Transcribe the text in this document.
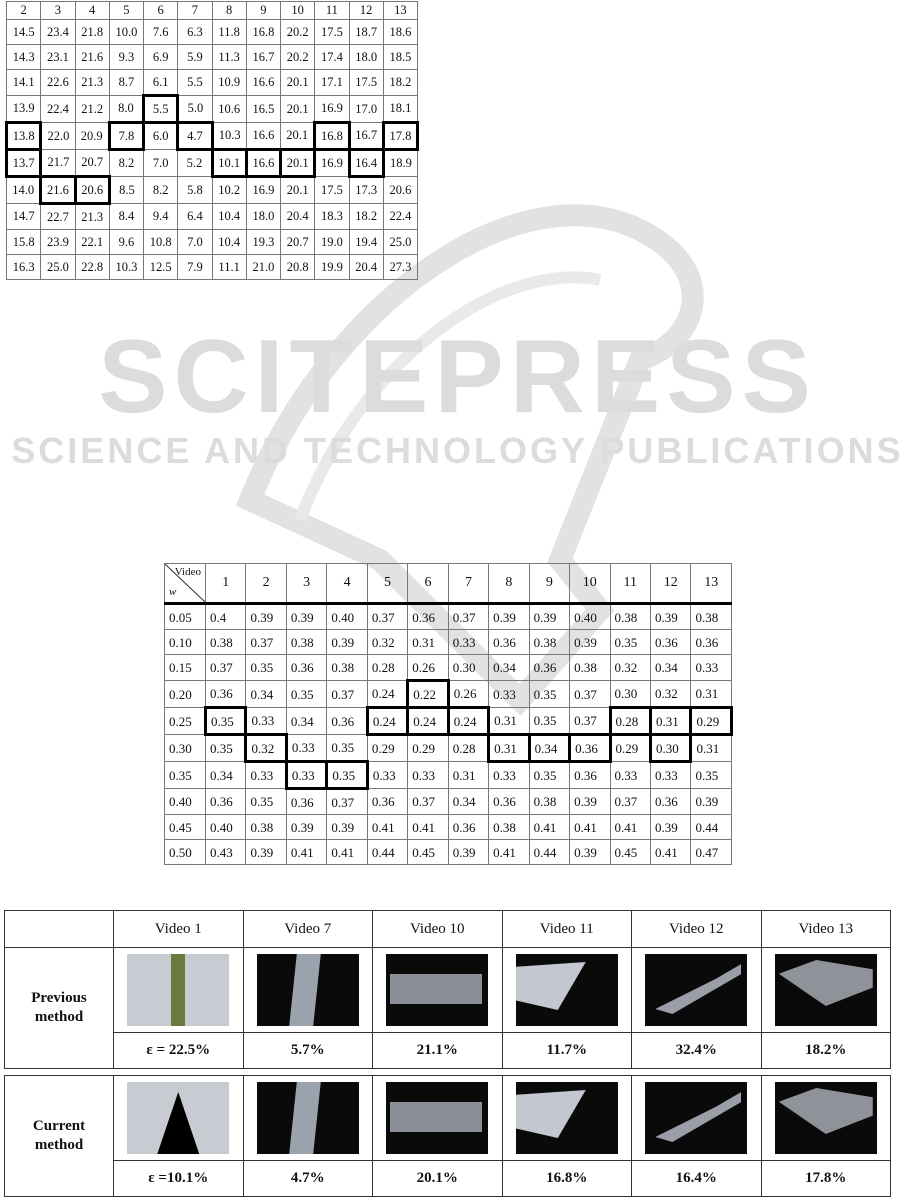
SCITEPRESS
SCIENCE AND TECHNOLOGY PUBLICATIONS
2	3	4	5	6	7	8	9	10	11	12	13
14.5	23.4	21.8	10.0	7.6	6.3	11.8	16.8	20.2	17.5	18.7	18.6
14.3	23.1	21.6	9.3	6.9	5.9	11.3	16.7	20.2	17.4	18.0	18.5
14.1	22.6	21.3	8.7	6.1	5.5	10.9	16.6	20.1	17.1	17.5	18.2
13.9	22.4	21.2	8.0	5.5	5.0	10.6	16.5	20.1	16.9	17.0	18.1
13.8	22.0	20.9	7.8	6.0	4.7	10.3	16.6	20.1	16.8	16.7	17.8
13.7	21.7	20.7	8.2	7.0	5.2	10.1	16.6	20.1	16.9	16.4	18.9
14.0	21.6	20.6	8.5	8.2	5.8	10.2	16.9	20.1	17.5	17.3	20.6
14.7	22.7	21.3	8.4	9.4	6.4	10.4	18.0	20.4	18.3	18.2	22.4
15.8	23.9	22.1	9.6	10.8	7.0	10.4	19.3	20.7	19.0	19.4	25.0
16.3	25.0	22.8	10.3	12.5	7.9	11.1	21.0	20.8	19.9	20.4	27.3
Video
w	1	2	3	4	5	6	7	8	9	10	11	12	13
0.05	0.4	0.39	0.39	0.40	0.37	0.36	0.37	0.39	0.39	0.40	0.38	0.39	0.38
0.10	0.38	0.37	0.38	0.39	0.32	0.31	0.33	0.36	0.38	0.39	0.35	0.36	0.36
0.15	0.37	0.35	0.36	0.38	0.28	0.26	0.30	0.34	0.36	0.38	0.32	0.34	0.33
0.20	0.36	0.34	0.35	0.37	0.24	0.22	0.26	0.33	0.35	0.37	0.30	0.32	0.31
0.25	0.35	0.33	0.34	0.36	0.24	0.24	0.24	0.31	0.35	0.37	0.28	0.31	0.29
0.30	0.35	0.32	0.33	0.35	0.29	0.29	0.28	0.31	0.34	0.36	0.29	0.30	0.31
0.35	0.34	0.33	0.33	0.35	0.33	0.33	0.31	0.33	0.35	0.36	0.33	0.33	0.35
0.40	0.36	0.35	0.36	0.37	0.36	0.37	0.34	0.36	0.38	0.39	0.37	0.36	0.39
0.45	0.40	0.38	0.39	0.39	0.41	0.41	0.36	0.38	0.41	0.41	0.41	0.39	0.44
0.50	0.43	0.39	0.41	0.41	0.44	0.45	0.39	0.41	0.44	0.39	0.45	0.41	0.47
	Video 1	Video 7	Video 10	Video 11	Video 12	Video 13
Previous
method	

	ε = 22.5%	5.7%	21.1%	11.7%	32.4%	18.2%

Current
method	

	ε =10.1%	4.7%	20.1%	16.8%	16.4%	17.8%
